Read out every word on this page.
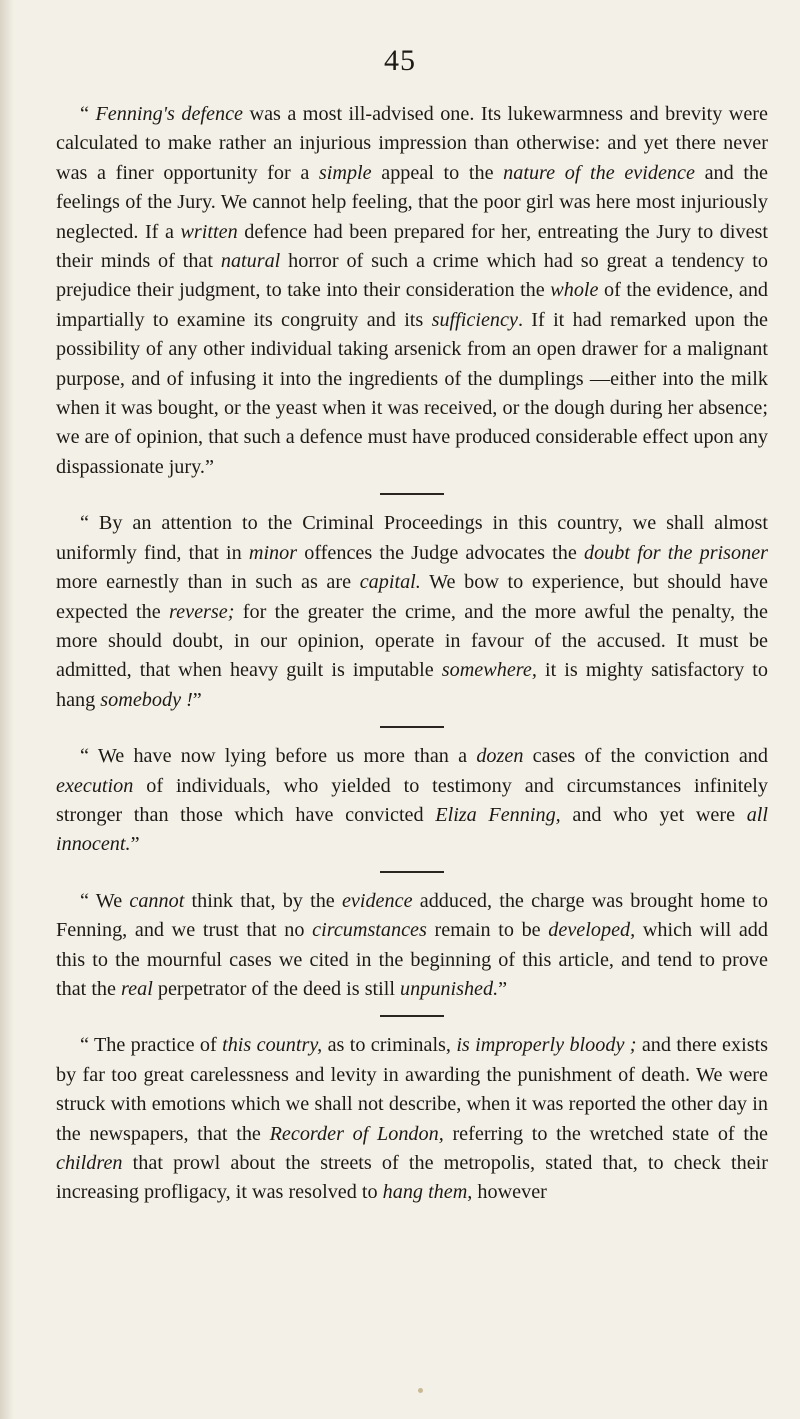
45

“ Fenning's defence was a most ill-advised one. Its lukewarmness and brevity were calculated to make rather an injurious impression than otherwise: and yet there never was a finer opportunity for a simple appeal to the nature of the evidence and the feelings of the Jury. We cannot help feeling, that the poor girl was here most injuriously neglected. If a written defence had been prepared for her, entreating the Jury to divest their minds of that natural horror of such a crime which had so great a tendency to prejudice their judgment, to take into their consideration the whole of the evidence, and impartially to examine its congruity and its sufficiency. If it had remarked upon the possibility of any other individual taking arsenick from an open drawer for a malignant purpose, and of infusing it into the ingredients of the dumplings —either into the milk when it was bought, or the yeast when it was received, or the dough during her absence; we are of opinion, that such a defence must have produced considerable effect upon any dispassionate jury.”

“ By an attention to the Criminal Proceedings in this country, we shall almost uniformly find, that in minor offences the Judge advocates the doubt for the prisoner more earnestly than in such as are capital. We bow to experience, but should have expected the reverse; for the greater the crime, and the more awful the penalty, the more should doubt, in our opinion, operate in favour of the accused. It must be admitted, that when heavy guilt is imputable somewhere, it is mighty satisfactory to hang somebody !”

“ We have now lying before us more than a dozen cases of the conviction and execution of individuals, who yielded to testimony and circumstances infinitely stronger than those which have convicted Eliza Fenning, and who yet were all innocent.”

“ We cannot think that, by the evidence adduced, the charge was brought home to Fenning, and we trust that no circumstances remain to be developed, which will add this to the mournful cases we cited in the beginning of this article, and tend to prove that the real perpetrator of the deed is still unpunished.”

“ The practice of this country, as to criminals, is improperly bloody ; and there exists by far too great carelessness and levity in awarding the punishment of death. We were struck with emotions which we shall not describe, when it was reported the other day in the newspapers, that the Recorder of London, referring to the wretched state of the children that prowl about the streets of the metropolis, stated that, to check their increasing profligacy, it was resolved to hang them, however
